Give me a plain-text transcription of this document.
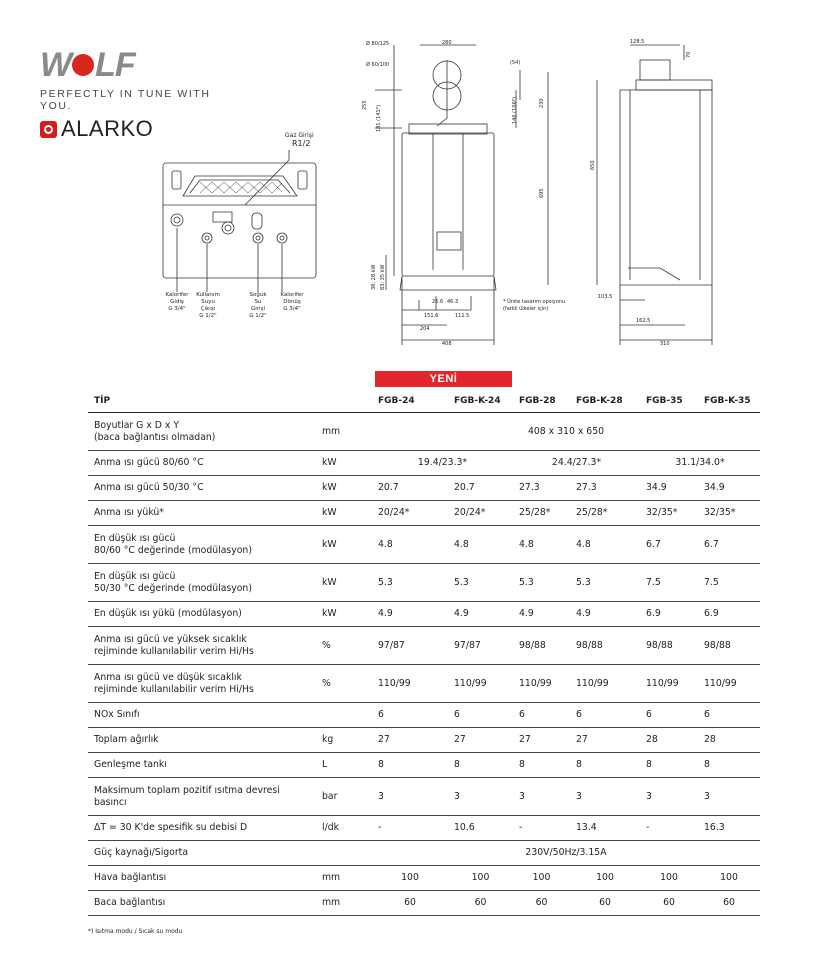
W LF
PERFECTLY IN TUNE WITH YOU.
ALARKO
Ø 80/125
Ø 60/100
280
(54)
255 181 (141*)	146 (106*)	230
695
38; 28 kW 83; 35 kW
26.6 46.3
151.6	111.5
204
408
128.5
70
650
103.5
162.5
310
* Ünite tasarım opsiyonu
(farklı ülkeler için)
Gaz Girişi
R1/2
Kalorifer
Gidiş
G 3/4"
Kullanım
Suyu
Çıkışı
G 1/2"
Soğuk
Su
Girişi
G 1/2"
Kalorifer
Dönüş
G 3/4"
YENİ
TİP		FGB-24	FGB-K-24	FGB-28	FGB-K-28	FGB-35	FGB-K-35

Boyutlar G x D x Y
(baca bağlantısı olmadan)	mm	408 x 310 x 650					

Anma ısı gücü 80/60 °C	kW	19.4/23.3*		24.4/27.3*		31.1/34.0*	

Anma ısı gücü 50/30 °C	kW	20.7	20.7	27.3	27.3	34.9	34.9

Anma ısı yükü*	kW	20/24*	20/24*	25/28*	25/28*	32/35*	32/35*

En düşük ısı gücü
80/60 °C değerinde (modülasyon)	kW	4.8	4.8	4.8	4.8	6.7	6.7

En düşük ısı gücü
50/30 °C değerinde (modülasyon)	kW	5.3	5.3	5.3	5.3	7.5	7.5

En düşük ısı yükü (modülasyon)	kW	4.9	4.9	4.9	4.9	6.9	6.9

Anma ısı gücü ve yüksek sıcaklık
rejiminde kullanılabilir verim Hi/Hs	%	97/87	97/87	98/88	98/88	98/88	98/88

Anma ısı gücü ve düşük sıcaklık
rejiminde kullanılabilir verim Hi/Hs	%	110/99	110/99	110/99	110/99	110/99	110/99

NOx Sınıfı		6	6	6	6	6	6

Toplam ağırlık	kg	27	27	27	27	28	28

Genleşme tankı	L	8	8	8	8	8	8

Maksimum toplam pozitif ısıtma devresi
basıncı	bar	3	3	3	3	3	3

ΔT = 30 K'de spesifik su debisi D	l/dk	-	10.6	-	13.4	-	16.3

Güç kaynağı/Sigorta		230V/50Hz/3.15A					

Hava bağlantısı	mm	100	100	100	100	100	100

Baca bağlantısı	mm	60	60	60	60	60	60
*) Isıtma modu / Sıcak su modu
